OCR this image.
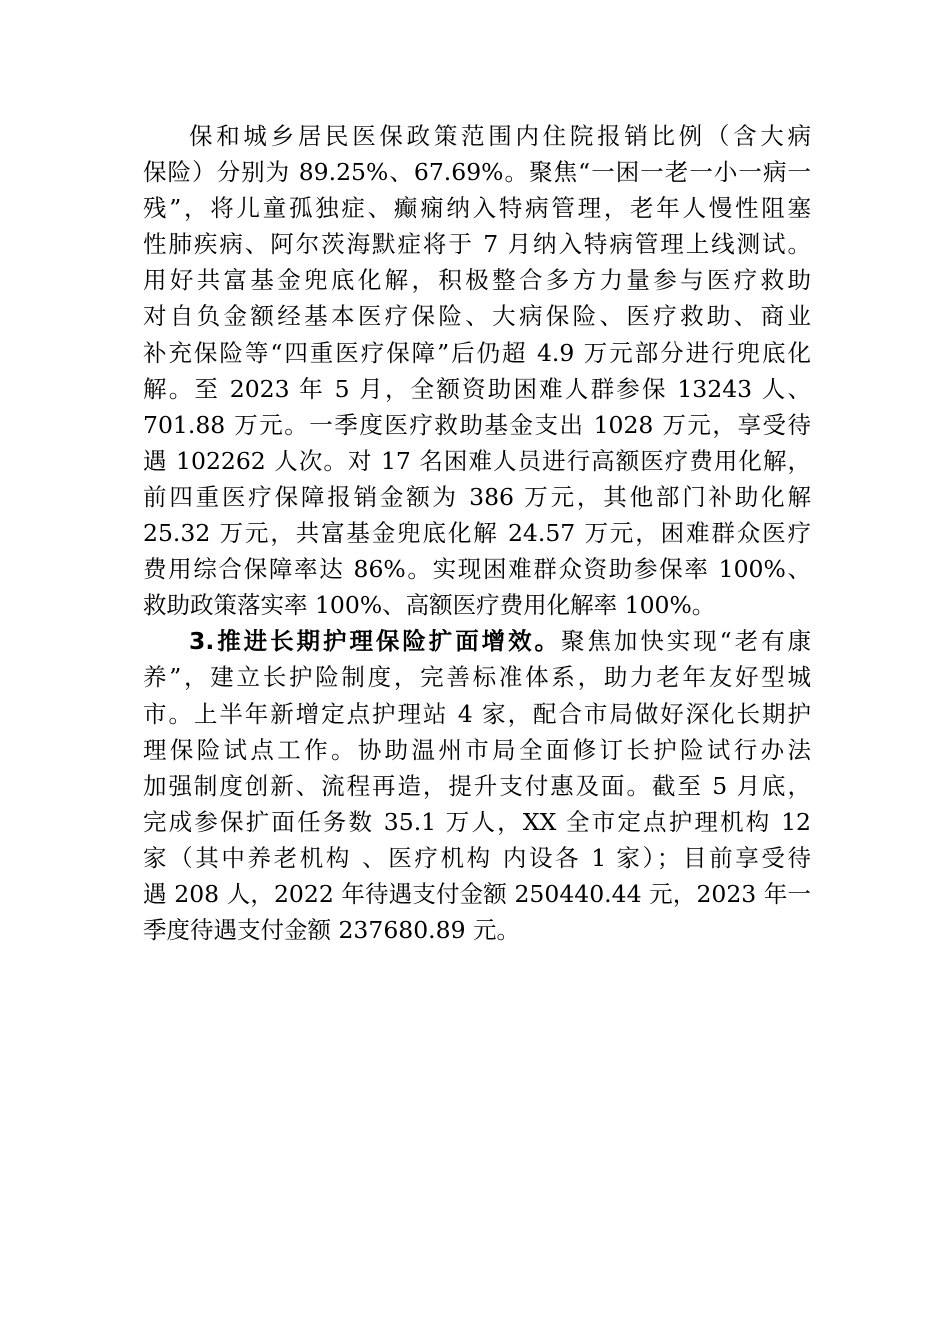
保和城乡居民医保政策范围内住院报销比例（含大病
保险）分别为 89.25%、67.69%。聚焦“一困一老一小一病一
残”，将儿童孤独症、癫痫纳入特病管理，老年人慢性阻塞
性肺疾病、阿尔茨海默症将于 7 月纳入特病管理上线测试。
用好共富基金兜底化解，积极整合多方力量参与医疗救助
对自负金额经基本医疗保险、大病保险、医疗救助、商业
补充保险等“四重医疗保障”后仍超 4.9 万元部分进行兜底化
解。至 2023 年 5 月，全额资助困难人群参保 13243 人、
701.88 万元。一季度医疗救助基金支出 1028 万元，享受待
遇 102262 人次。对 17 名困难人员进行高额医疗费用化解，
前四重医疗保障报销金额为 386 万元，其他部门补助化解
25.32 万元，共富基金兜底化解 24.57 万元，困难群众医疗
费用综合保障率达 86%。实现困难群众资助参保率 100%、
救助政策落实率 100%、高额医疗费用化解率 100%。
3.推进长期护理保险扩面增效。聚焦加快实现“老有康
养”，建立长护险制度，完善标准体系，助力老年友好型城
市。上半年新增定点护理站 4 家，配合市局做好深化长期护
理保险试点工作。协助温州市局全面修订长护险试行办法
加强制度创新、流程再造，提升支付惠及面。截至 5 月底，
完成参保扩面任务数 35.1 万人，XX 全市定点护理机构 12
家（其中养老机构 、医疗机构 内设各 1 家）；目前享受待
遇 208 人，2022 年待遇支付金额 250440.44 元，2023 年一
季度待遇支付金额 237680.89 元。
